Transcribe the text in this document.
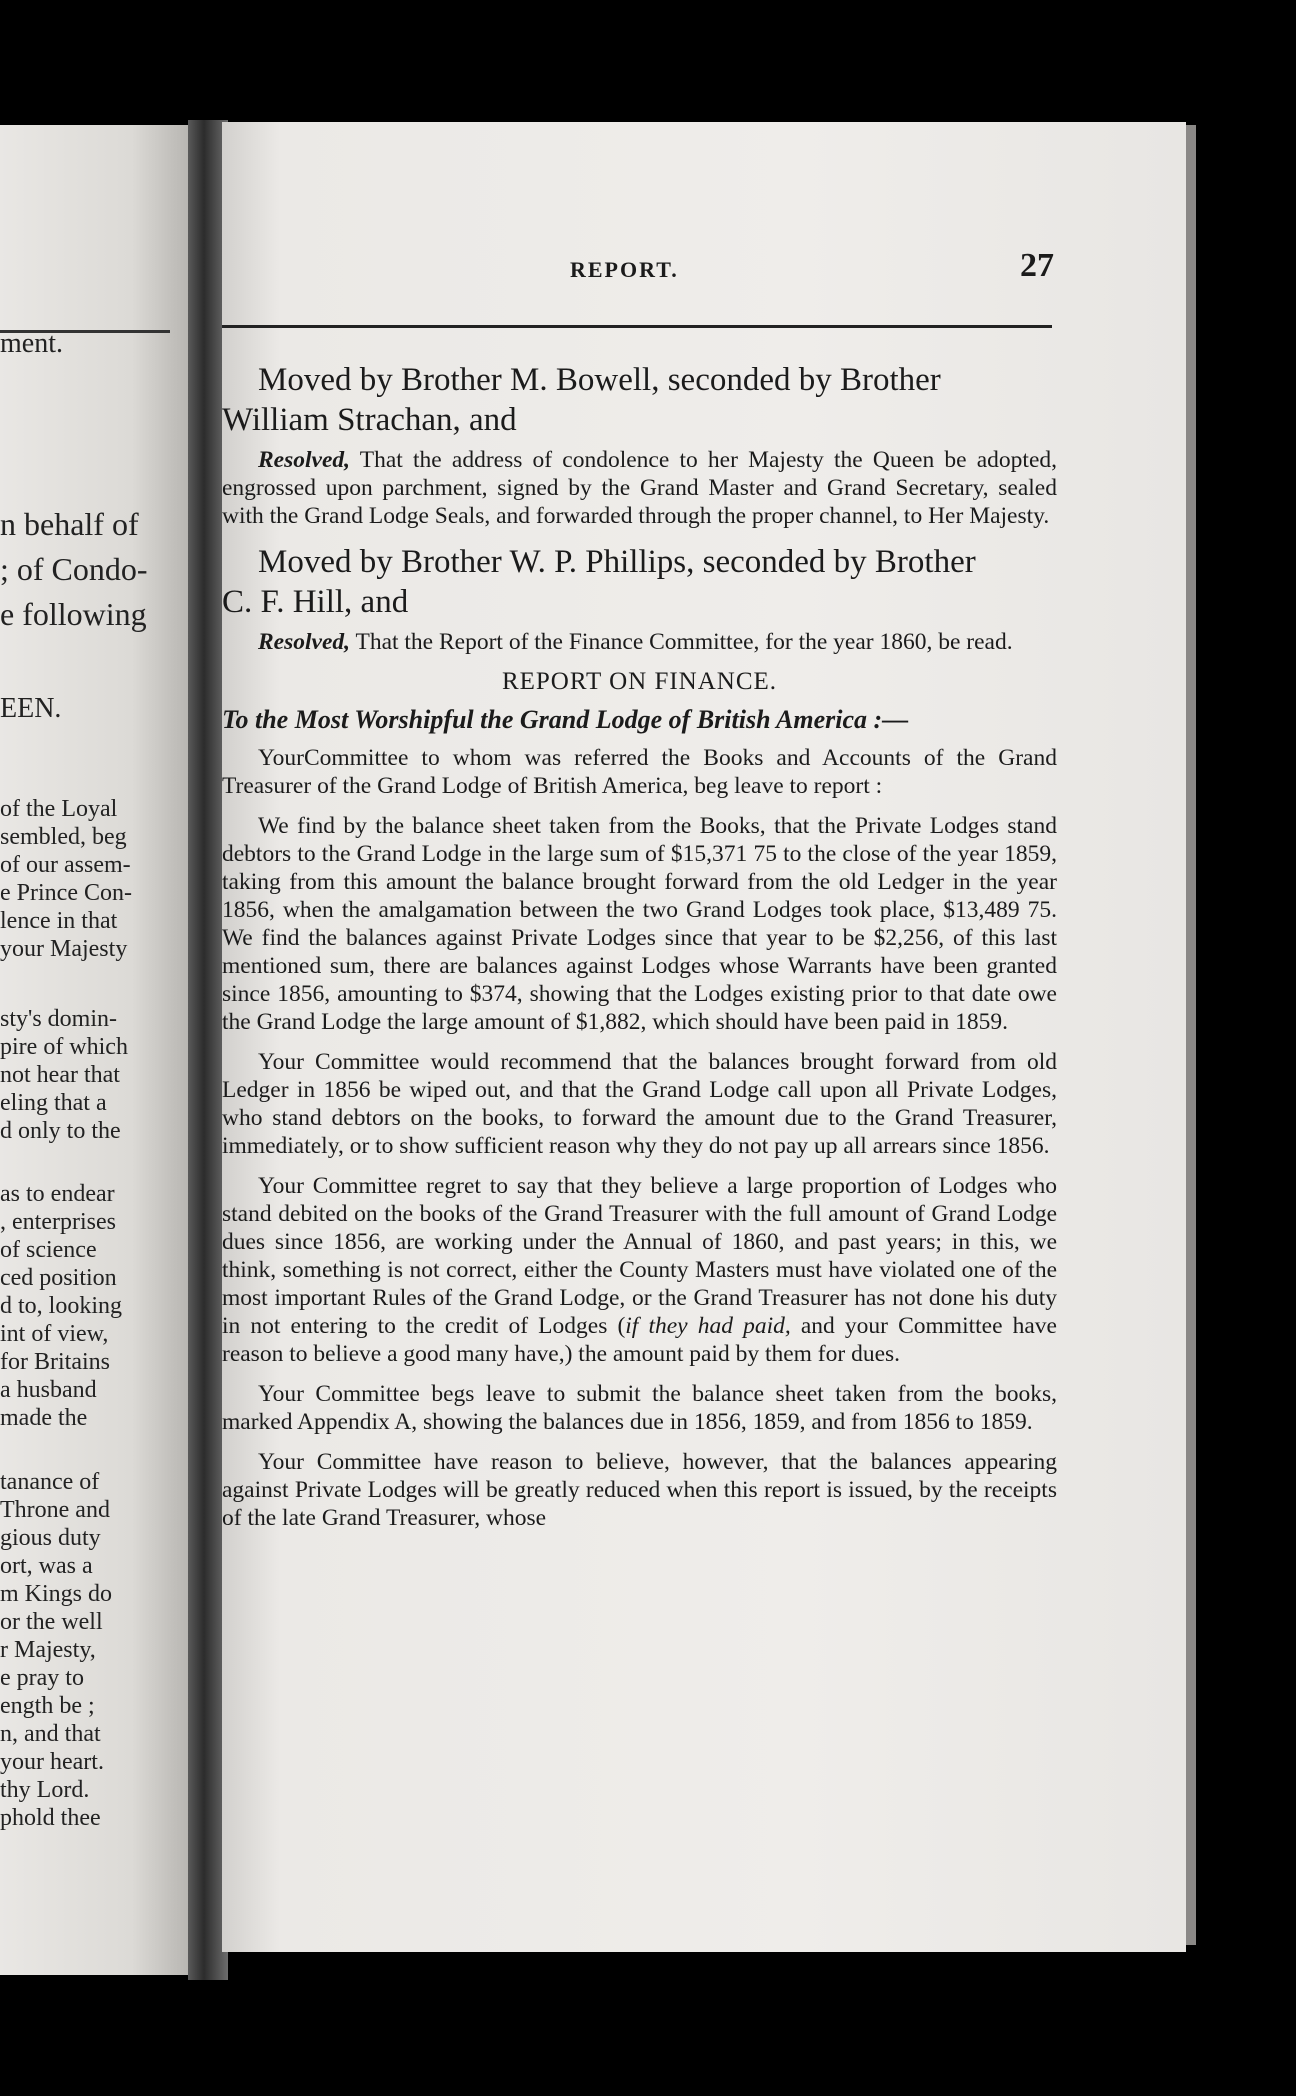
ment.
n behalf of
; of Condo-
e following
EEN.
of the Loyal
sembled, beg
of our assem-
e Prince Con-
lence in that
your Majesty
sty's domin-
pire of which
not hear that
eling that a
d only to the
as to endear
, enterprises
of science
ced position
d to, looking
int of view,
for Britains
a husband
made the
tanance of
Throne and
gious duty
ort, was a
m Kings do
or the well
r Majesty,
e pray to
ength be ;
n, and that
your heart.
thy Lord.
phold thee
REPORT.	27
Moved by Brother M. Bowell, seconded by Brother
William Strachan, and

Resolved, That the address of condolence to her Majesty the Queen be adopted, engrossed upon parchment, signed by the Grand Master and Grand Secretary, sealed with the Grand Lodge Seals, and forwarded through the proper channel, to Her Majesty.

Moved by Brother W. P. Phillips, seconded by Brother
C. F. Hill, and

Resolved, That the Report of the Finance Committee, for the year 1860, be read.

REPORT ON FINANCE.
To the Most Worshipful the Grand Lodge of British America :—

YourCommittee to whom was referred the Books and Accounts of the Grand Treasurer of the Grand Lodge of British America, beg leave to report :

We find by the balance sheet taken from the Books, that the Private Lodges stand debtors to the Grand Lodge in the large sum of $15,371 75 to the close of the year 1859, taking from this amount the balance brought forward from the old Ledger in the year 1856, when the amalgamation between the two Grand Lodges took place, $13,489 75. We find the balances against Private Lodges since that year to be $2,256, of this last mentioned sum, there are balances against Lodges whose Warrants have been granted since 1856, amounting to $374, showing that the Lodges existing prior to that date owe the Grand Lodge the large amount of $1,882, which should have been paid in 1859.

Your Committee would recommend that the balances brought forward from old Ledger in 1856 be wiped out, and that the Grand Lodge call upon all Private Lodges, who stand debtors on the books, to forward the amount due to the Grand Treasurer, immediately, or to show sufficient reason why they do not pay up all arrears since 1856.

Your Committee regret to say that they believe a large proportion of Lodges who stand debited on the books of the Grand Treasurer with the full amount of Grand Lodge dues since 1856, are working under the Annual of 1860, and past years; in this, we think, something is not correct, either the County Masters must have violated one of the most important Rules of the Grand Lodge, or the Grand Treasurer has not done his duty in not entering to the credit of Lodges (if they had paid, and your Committee have reason to believe a good many have,) the amount paid by them for dues.

Your Committee begs leave to submit the balance sheet taken from the books, marked Appendix A, showing the balances due in 1856, 1859, and from 1856 to 1859.

Your Committee have reason to believe, however, that the balances appearing against Private Lodges will be greatly reduced when this report is issued, by the receipts of the late Grand Treasurer, whose
